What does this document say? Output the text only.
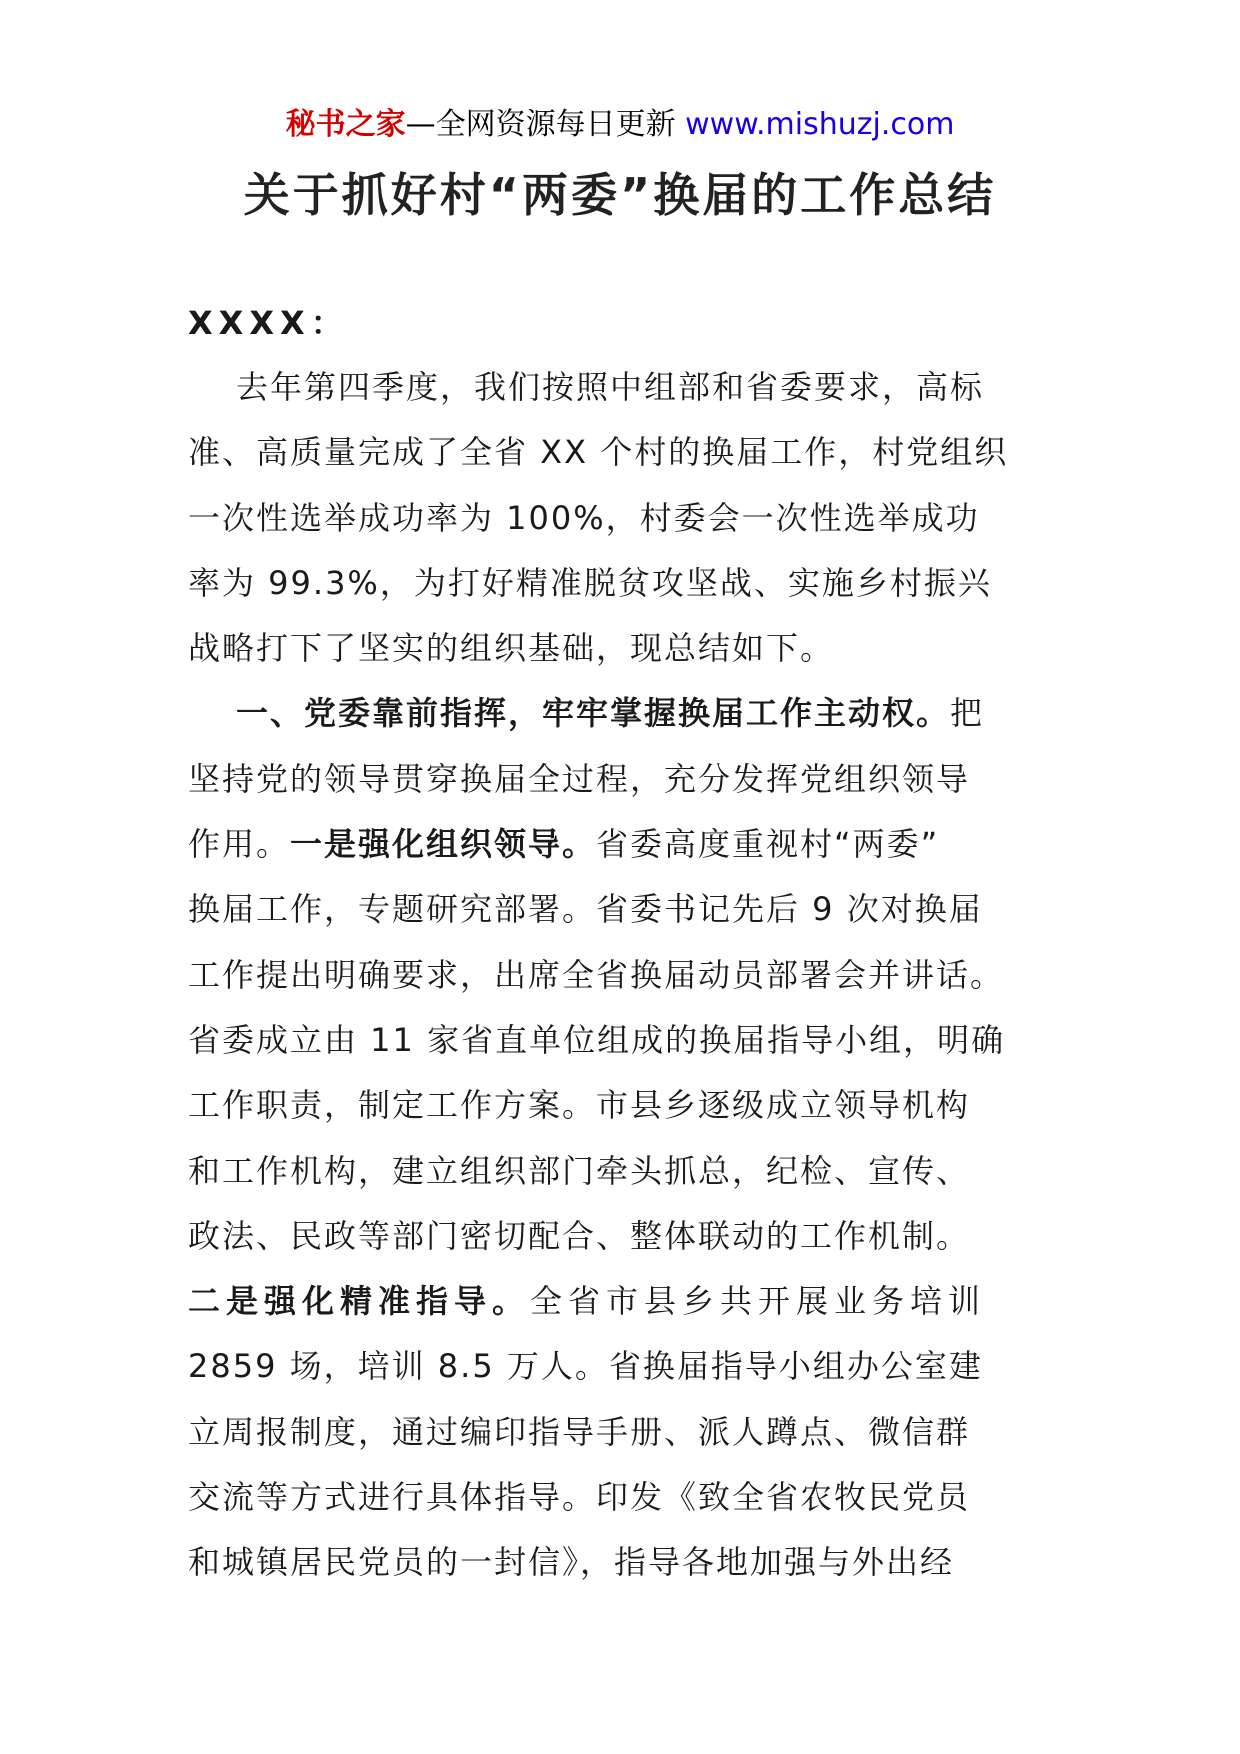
秘书之家—全网资源每日更新 www.mishuzj.com
关于抓好村“两委”换届的工作总结
XXXX：
去年第四季度，我们按照中组部和省委要求，高标
准、高质量完成了全省 XX 个村的换届工作，村党组织
一次性选举成功率为 100%，村委会一次性选举成功
率为 99.3%，为打好精准脱贫攻坚战、实施乡村振兴
战略打下了坚实的组织基础，现总结如下。
一、党委靠前指挥，牢牢掌握换届工作主动权。把
坚持党的领导贯穿换届全过程，充分发挥党组织领导
作用。一是强化组织领导。省委高度重视村“两委”
换届工作，专题研究部署。省委书记先后 9 次对换届
工作提出明确要求，出席全省换届动员部署会并讲话。
省委成立由 11 家省直单位组成的换届指导小组，明确
工作职责，制定工作方案。市县乡逐级成立领导机构
和工作机构，建立组织部门牵头抓总，纪检、宣传、
政法、民政等部门密切配合、整体联动的工作机制。
二是强化精准指导。全省市县乡共开展业务培训
2859 场，培训 8.5 万人。省换届指导小组办公室建
立周报制度，通过编印指导手册、派人蹲点、微信群
交流等方式进行具体指导。印发《致全省农牧民党员
和城镇居民党员的一封信》，指导各地加强与外出经
